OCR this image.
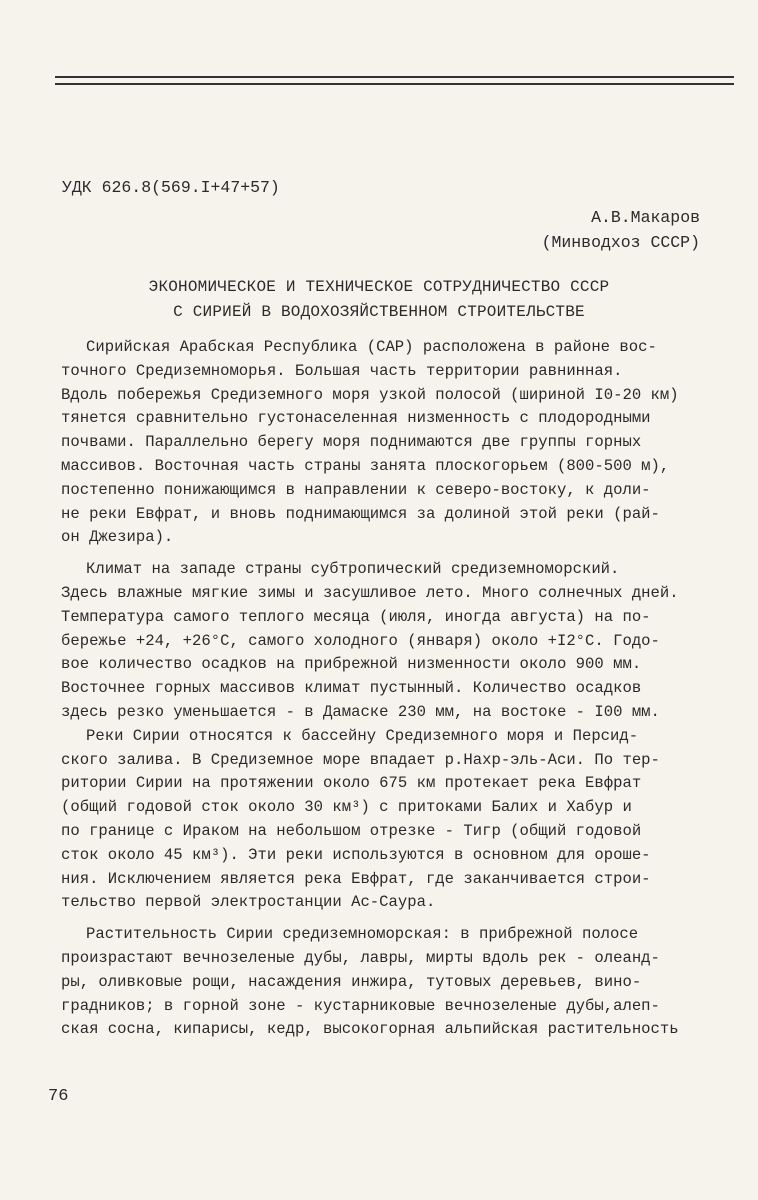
УДК 626.8(569.I+47+57)
А.В.Макаров
(Минводхоз СССР)
ЭКОНОМИЧЕСКОЕ И ТЕХНИЧЕСКОЕ СОТРУДНИЧЕСТВО СССР
С СИРИЕЙ В ВОДОХОЗЯЙСТВЕННОМ СТРОИТЕЛЬСТВЕ
Сирийская Арабская Республика (САР) расположена в районе вос-
точного Средиземноморья. Большая часть территории равнинная.
Вдоль побережья Средиземного моря узкой полосой (шириной I0-20 км)
тянется сравнительно густонаселенная низменность с плодородными
почвами. Параллельно берегу моря поднимаются две группы горных
массивов. Восточная часть страны занята плоскогорьем (800-500 м),
постепенно понижающимся в направлении к северо-востоку, к доли-
не реки Евфрат, и вновь поднимающимся за долиной этой реки (рай-
он Джезира).
Климат на западе страны субтропический средиземноморский.
Здесь влажные мягкие зимы и засушливое лето. Много солнечных дней.
Температура самого теплого месяца (июля, иногда августа) на по-
бережье +24, +26°С, самого холодного (января) около +I2°С. Годо-
вое количество осадков на прибрежной низменности около 900 мм.
Восточнее горных массивов климат пустынный. Количество осадков
здесь резко уменьшается - в Дамаске 230 мм, на востоке - I00 мм.
Реки Сирии относятся к бассейну Средиземного моря и Персид-
ского залива. В Средиземное море впадает р.Нахр-эль-Аси. По тер-
ритории Сирии на протяжении около 675 км протекает река Евфрат
(общий годовой сток около 30 км³) с притоками Балих и Хабур и
по границе с Ираком на небольшом отрезке - Тигр (общий годовой
сток около 45 км³). Эти реки используются в основном для ороше-
ния. Исключением является река Евфрат, где заканчивается строи-
тельство первой электростанции Ас-Саура.
Растительность Сирии средиземноморская: в прибрежной полосе
произрастают вечнозеленые дубы, лавры, мирты вдоль рек - олеанд-
ры, оливковые рощи, насаждения инжира, тутовых деревьев, вино-
градников; в горной зоне - кустарниковые вечнозеленые дубы,алеп-
ская сосна, кипарисы, кедр, высокогорная альпийская растительность
76
